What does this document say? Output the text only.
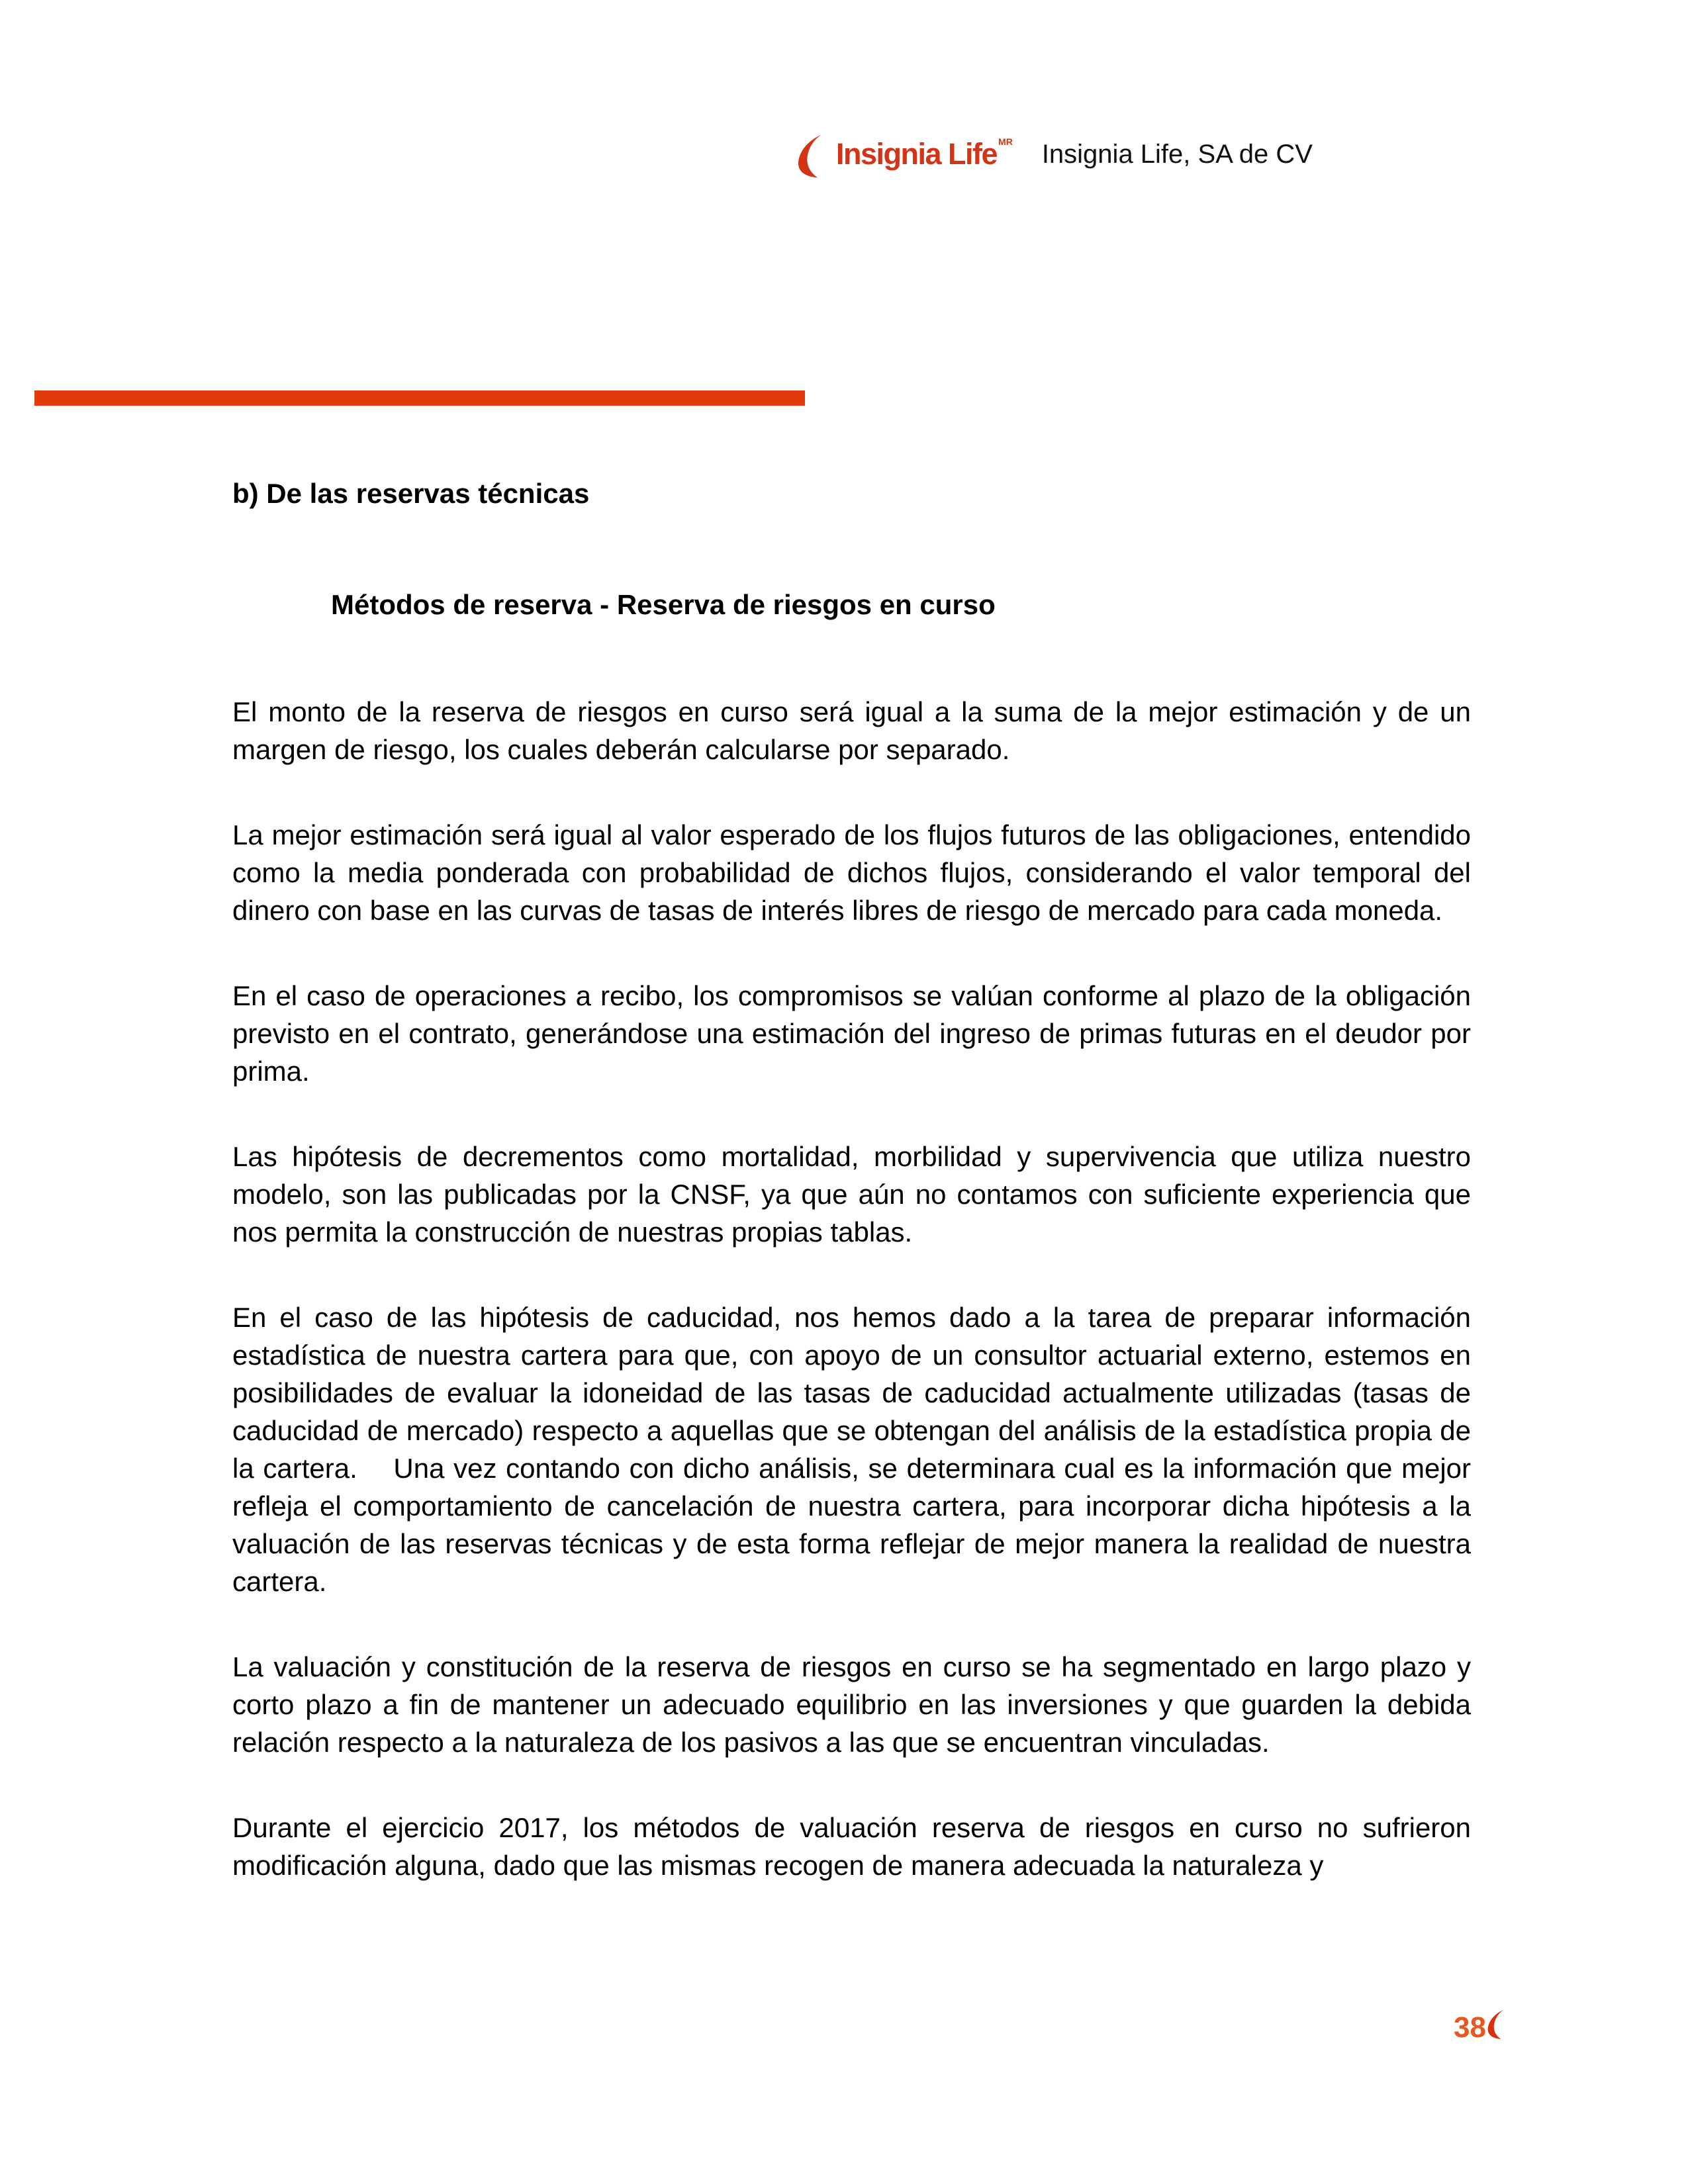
Insignia Life MR Insignia Life, SA de CV
b) De las reservas técnicas
Métodos de reserva - Reserva de riesgos en curso

El monto de la reserva de riesgos en curso será igual a la suma de la mejor estimación y de un margen de riesgo, los cuales deberán calcularse por separado.

La mejor estimación será igual al valor esperado de los flujos futuros de las obligaciones, entendido como la media ponderada con probabilidad de dichos flujos, considerando el valor temporal del dinero con base en las curvas de tasas de interés libres de riesgo de mercado para cada moneda.

En el caso de operaciones a recibo, los compromisos se valúan conforme al plazo de la obligación previsto en el contrato, generándose una estimación del ingreso de primas futuras en el deudor por prima.

Las hipótesis de decrementos como mortalidad, morbilidad y supervivencia que utiliza nuestro modelo, son las publicadas por la CNSF, ya que aún no contamos con suficiente experiencia que nos permita la construcción de nuestras propias tablas.

En el caso de las hipótesis de caducidad, nos hemos dado a la tarea de preparar información estadística de nuestra cartera para que, con apoyo de un consultor actuarial externo, estemos en posibilidades de evaluar la idoneidad de las tasas de caducidad actualmente utilizadas (tasas de caducidad de mercado) respecto a aquellas que se obtengan del análisis de la estadística propia de la cartera.    Una vez contando con dicho análisis, se determinara cual es la información que mejor refleja el comportamiento de cancelación de nuestra cartera, para incorporar dicha hipótesis a la valuación de las reservas técnicas y de esta forma reflejar de mejor manera la realidad de nuestra cartera.

La valuación y constitución de la reserva de riesgos en curso se ha segmentado en largo plazo y corto plazo a fin de mantener un adecuado equilibrio en las inversiones y que guarden la debida relación respecto a la naturaleza de los pasivos a las que se encuentran vinculadas.

Durante el ejercicio 2017, los métodos de valuación reserva de riesgos en curso no sufrieron modificación alguna, dado que las mismas recogen de manera adecuada la naturaleza y

38
